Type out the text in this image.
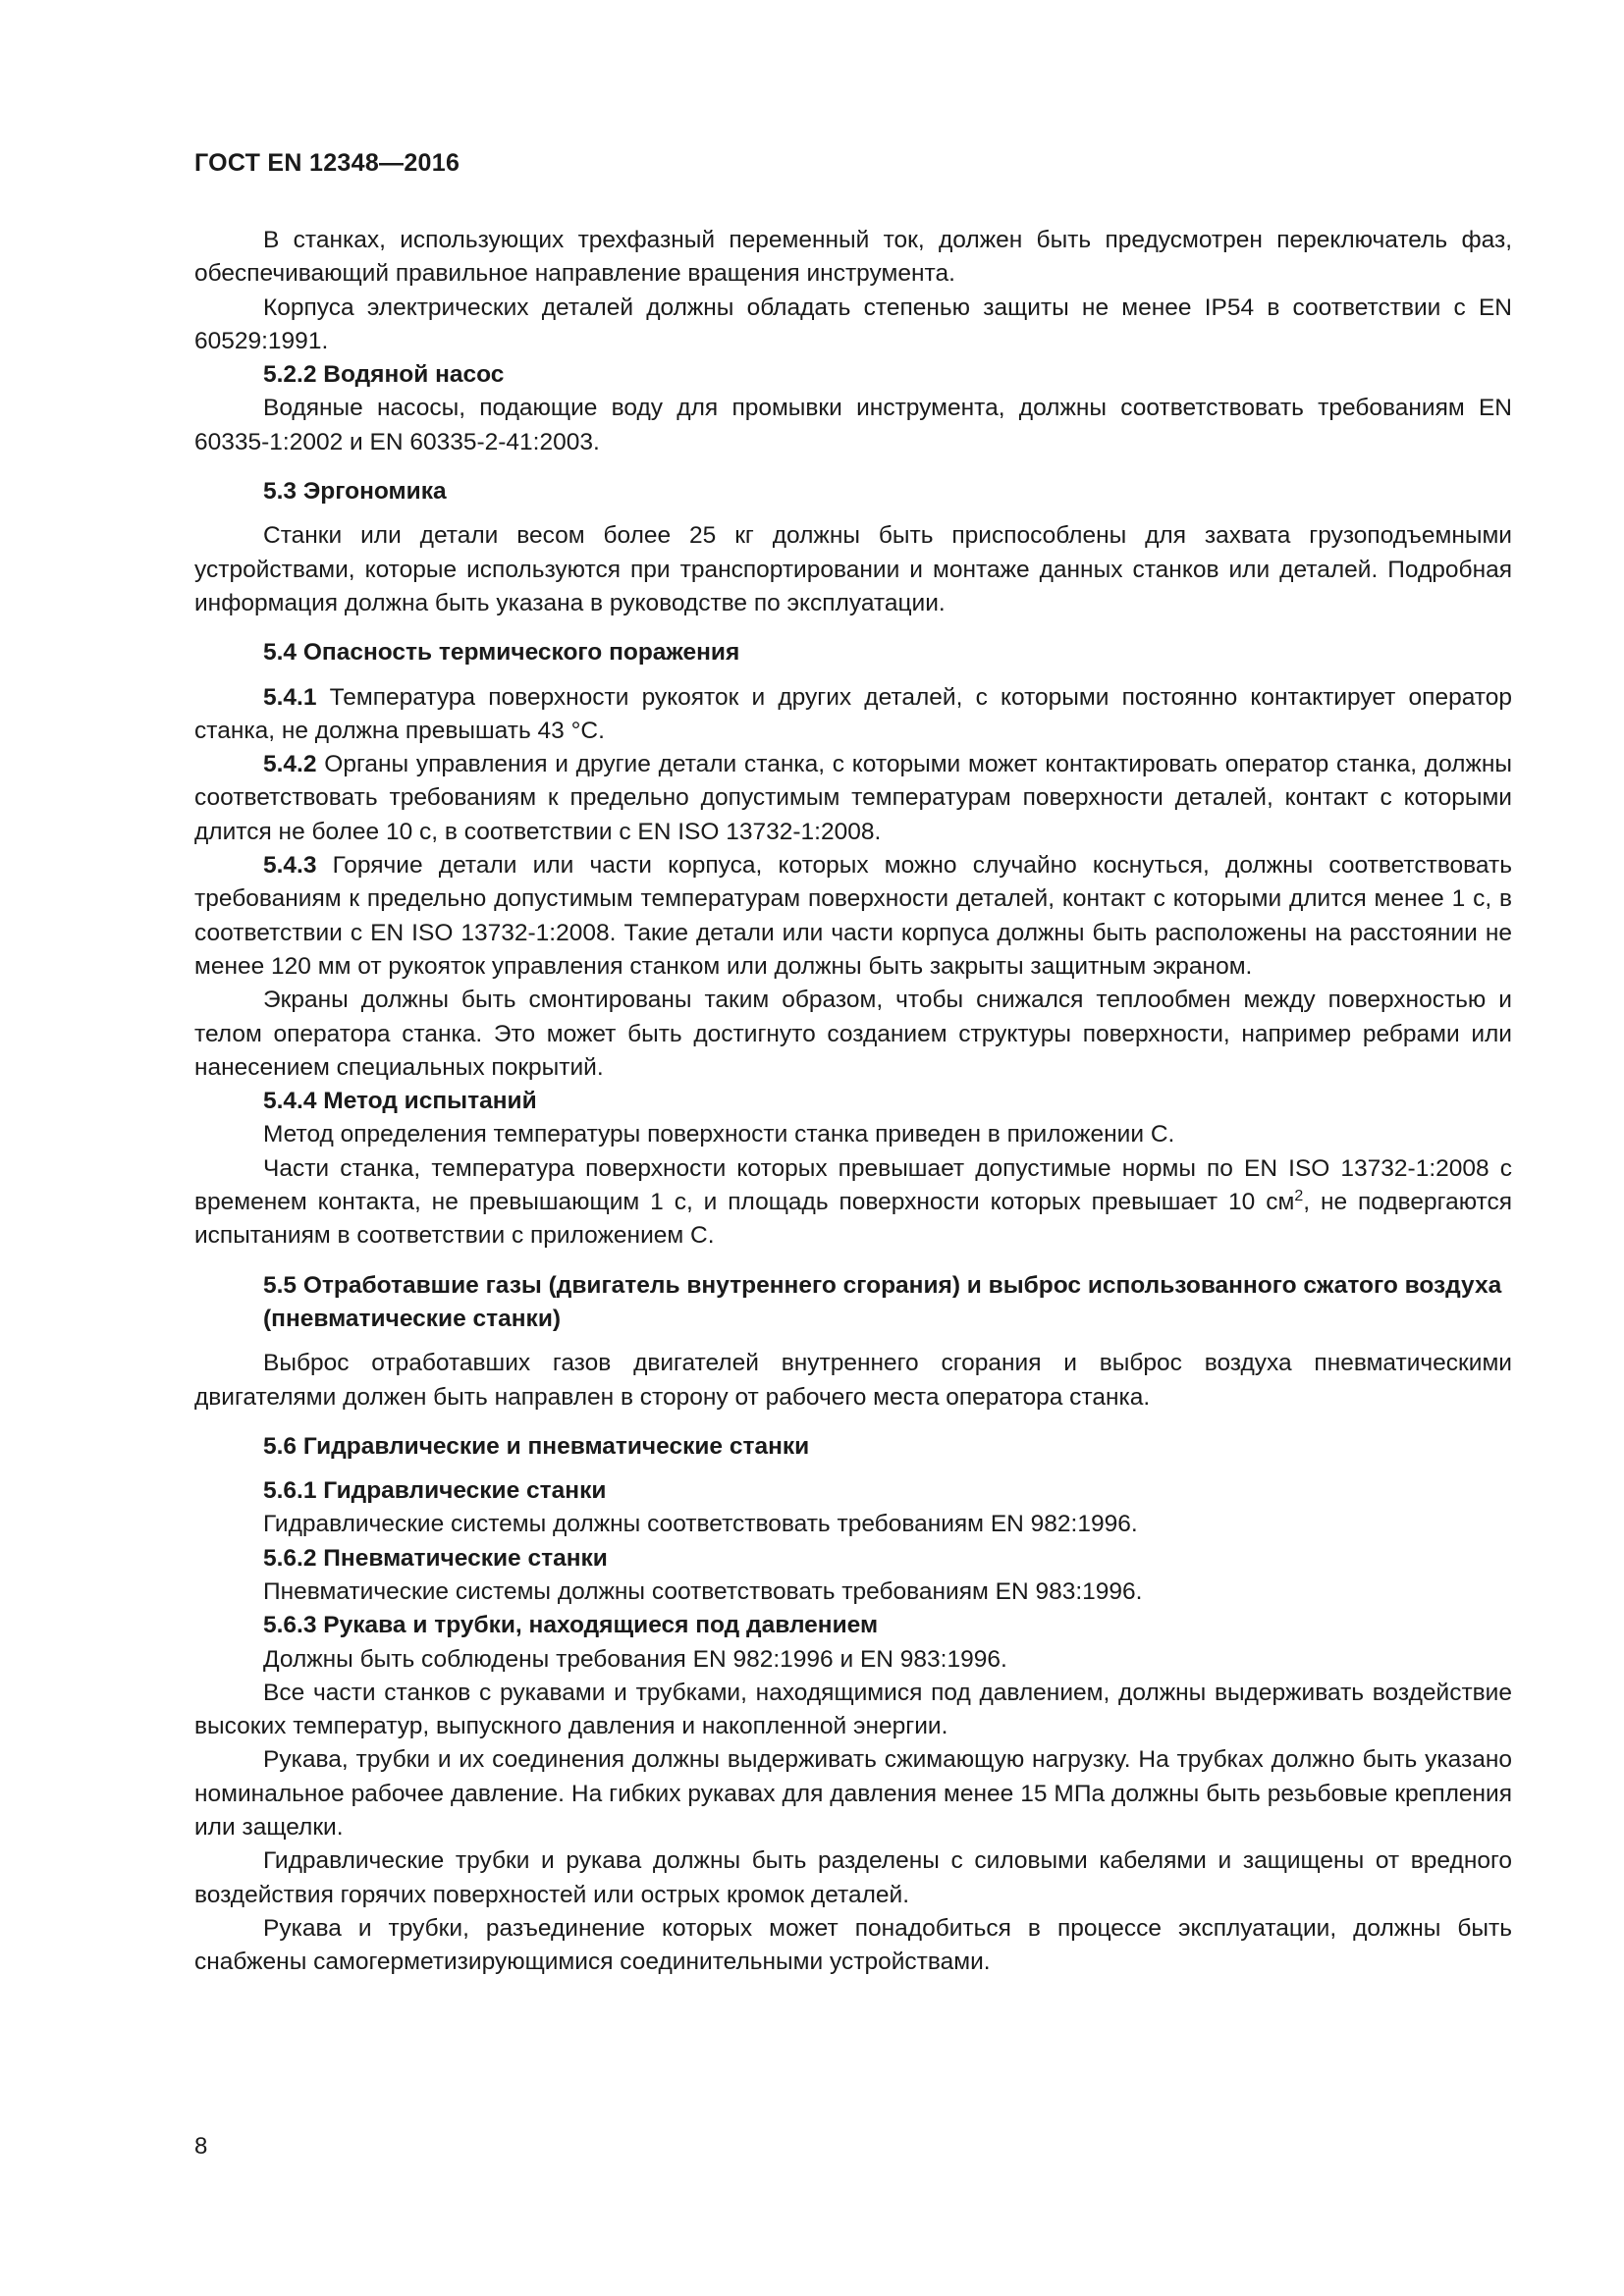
ГОСТ EN 12348—2016

В станках, использующих трехфазный переменный ток, должен быть предусмотрен переключатель фаз, обеспечивающий правильное направление вращения инструмента.

Корпуса электрических деталей должны обладать степенью защиты не менее IP54 в соответствии с EN 60529:1991.

5.2.2 Водяной насос

Водяные насосы, подающие воду для промывки инструмента, должны соответствовать требованиям EN 60335-1:2002 и EN 60335-2-41:2003.

5.3 Эргономика

Станки или детали весом более 25 кг должны быть приспособлены для захвата грузоподъемными устройствами, которые используются при транспортировании и монтаже данных станков или деталей. Подробная информация должна быть указана в руководстве по эксплуатации.

5.4 Опасность термического поражения

5.4.1 Температура поверхности рукояток и других деталей, с которыми постоянно контактирует оператор станка, не должна превышать 43 °С.

5.4.2 Органы управления и другие детали станка, с которыми может контактировать оператор станка, должны соответствовать требованиям к предельно допустимым температурам поверхности деталей, контакт с которыми длится не более 10 с, в соответствии с EN ISO 13732-1:2008.

5.4.3 Горячие детали или части корпуса, которых можно случайно коснуться, должны соответствовать требованиям к предельно допустимым температурам поверхности деталей, контакт с которыми длится менее 1 с, в соответствии с EN ISO 13732-1:2008. Такие детали или части корпуса должны быть расположены на расстоянии не менее 120 мм от рукояток управления станком или должны быть закрыты защитным экраном.

Экраны должны быть смонтированы таким образом, чтобы снижался теплообмен между поверхностью и телом оператора станка. Это может быть достигнуто созданием структуры поверхности, например ребрами или нанесением специальных покрытий.

5.4.4 Метод испытаний

Метод определения температуры поверхности станка приведен в приложении С.

Части станка, температура поверхности которых превышает допустимые нормы по EN ISO 13732-1:2008 с временем контакта, не превышающим 1 с, и площадь поверхности которых превышает 10 $см^2$, не подвергаются испытаниям в соответствии с приложением С.

5.5 Отработавшие газы (двигатель внутреннего сгорания) и выброс использованного сжатого воздуха (пневматические станки)

Выброс отработавших газов двигателей внутреннего сгорания и выброс воздуха пневматическими двигателями должен быть направлен в сторону от рабочего места оператора станка.

5.6 Гидравлические и пневматические станки

5.6.1 Гидравлические станки

Гидравлические системы должны соответствовать требованиям EN 982:1996.

5.6.2 Пневматические станки

Пневматические системы должны соответствовать требованиям EN 983:1996.

5.6.3 Рукава и трубки, находящиеся под давлением

Должны быть соблюдены требования EN 982:1996 и EN 983:1996.

Все части станков с рукавами и трубками, находящимися под давлением, должны выдерживать воздействие высоких температур, выпускного давления и накопленной энергии.

Рукава, трубки и их соединения должны выдерживать сжимающую нагрузку. На трубках должно быть указано номинальное рабочее давление. На гибких рукавах для давления менее 15 МПа должны быть резьбовые крепления или защелки.

Гидравлические трубки и рукава должны быть разделены с силовыми кабелями и защищены от вредного воздействия горячих поверхностей или острых кромок деталей.

Рукава и трубки, разъединение которых может понадобиться в процессе эксплуатации, должны быть снабжены самогерметизирующимися соединительными устройствами.

8
